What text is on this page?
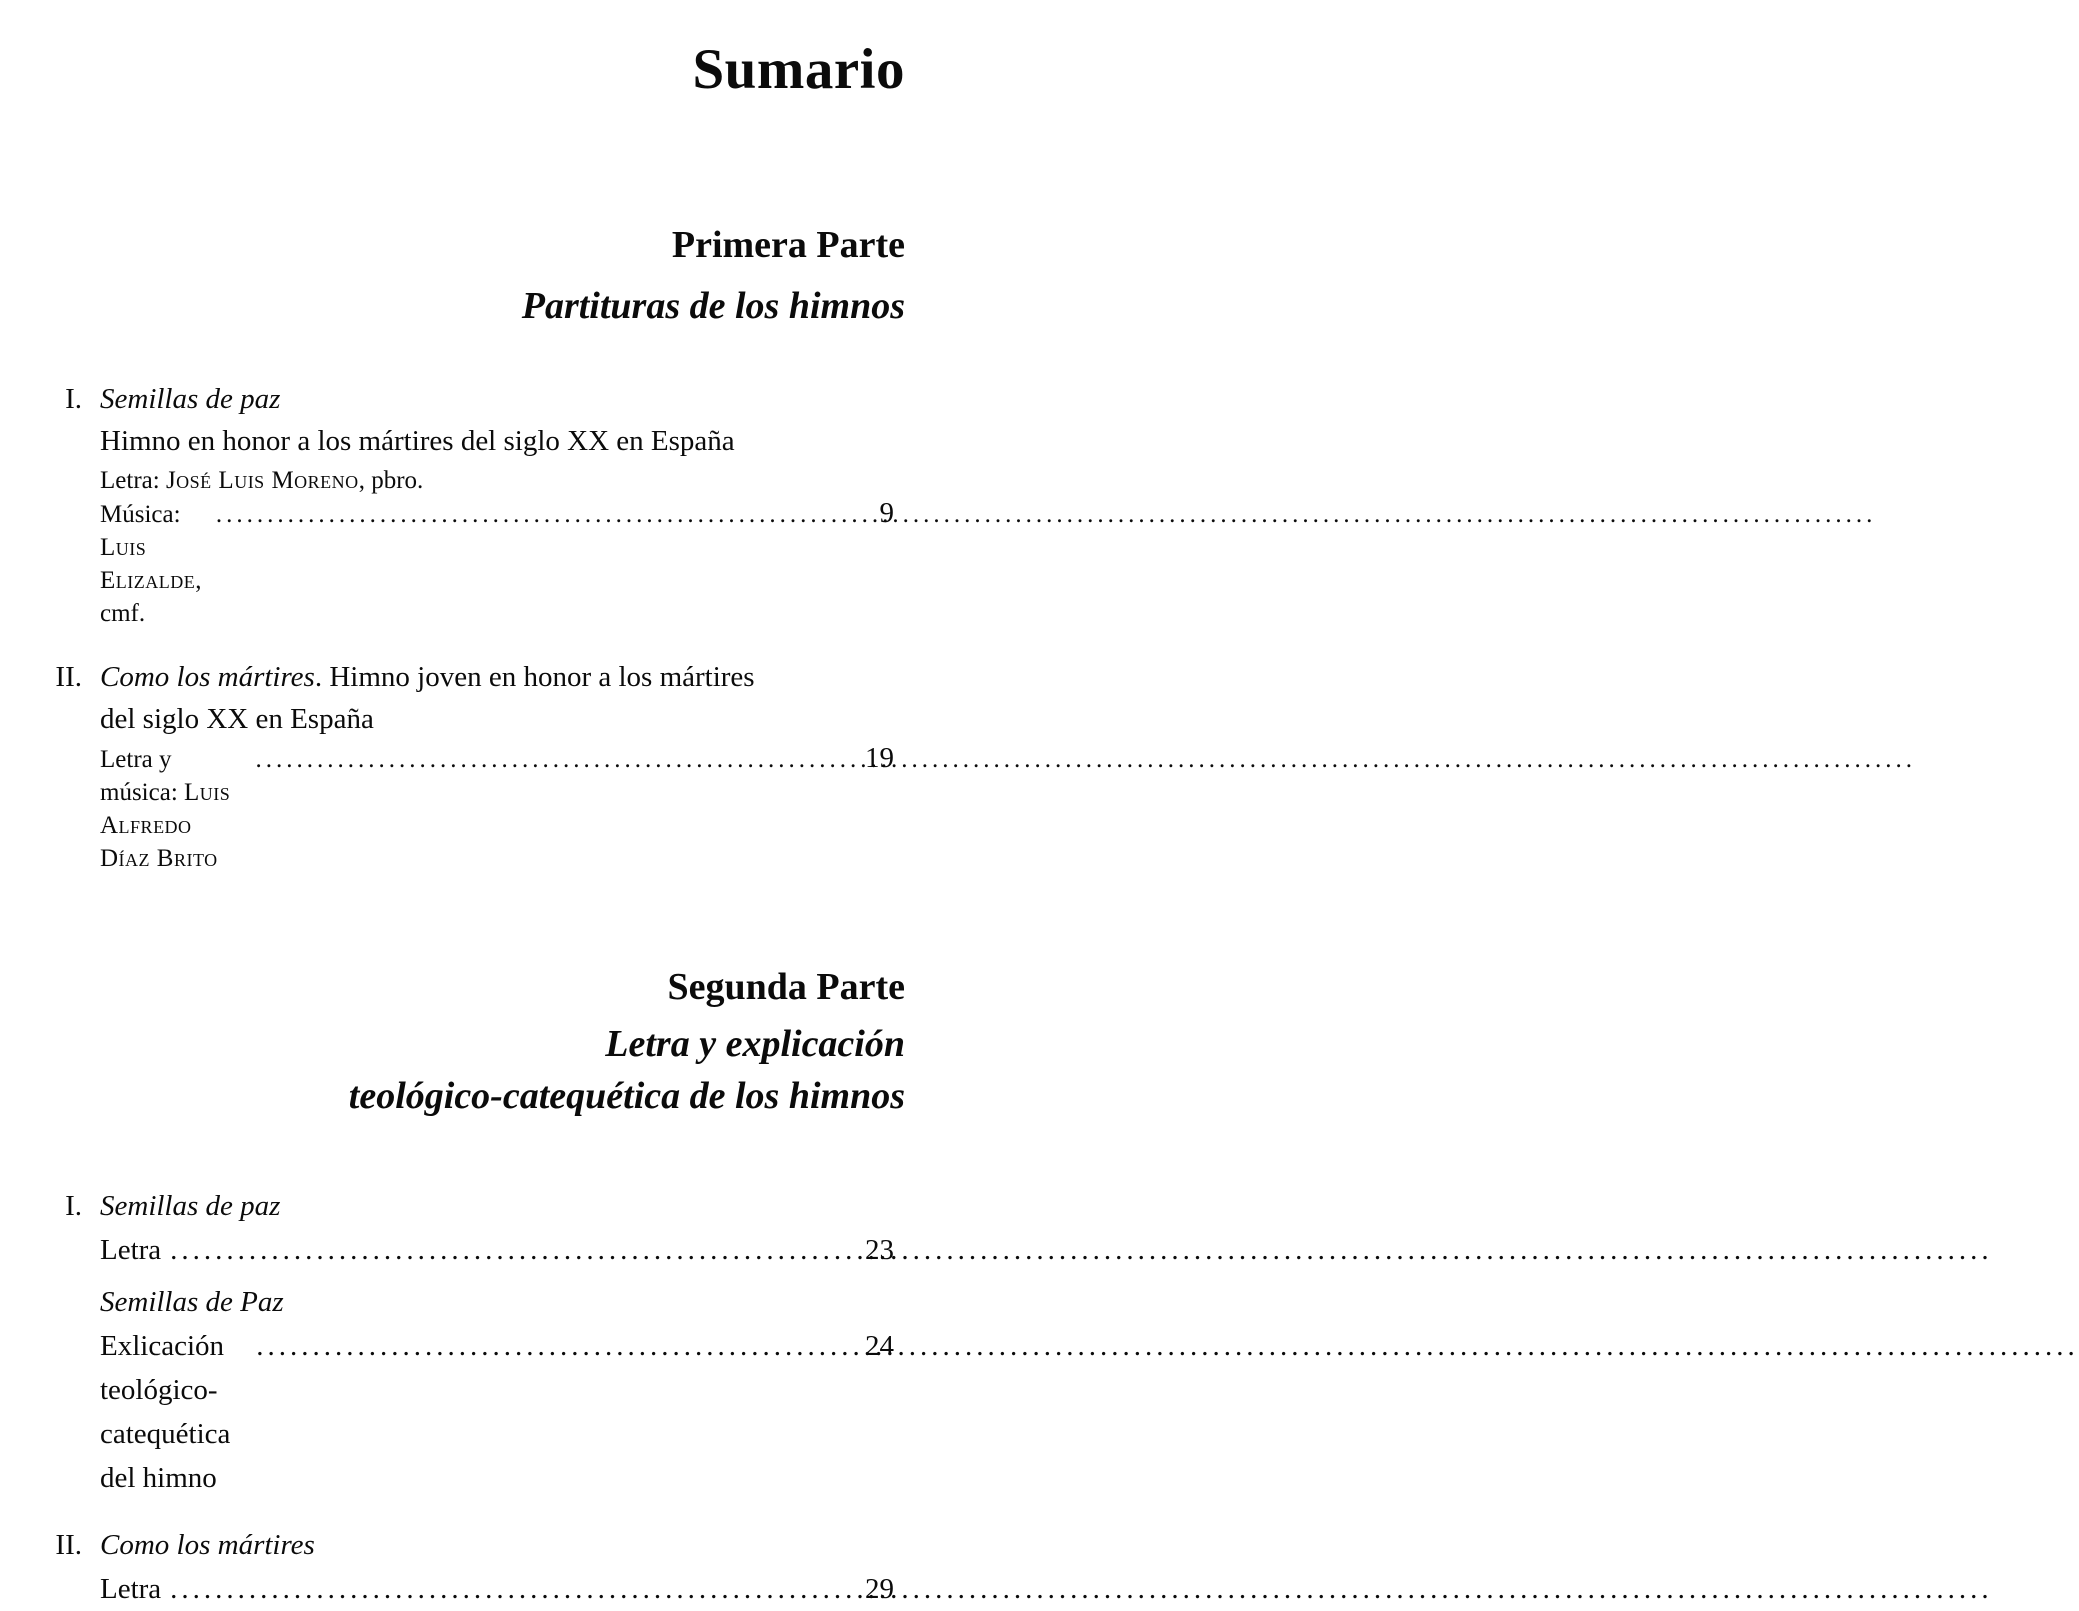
Sumario
Primera Parte
Partituras de los himnos
I. Semillas de paz
Himno en honor a los mártires del siglo XX en España
Letra: José Luis Moreno, pbro.
Música: Luis Elizalde, cmf.
.....
9
II. Como los mártires. Himno joven en honor a los mártires
del siglo XX en España
Letra y música: Luis Alfredo Díaz Brito
.....
19
Segunda Parte
Letra y explicación
teológico-catequética de los himnos
I. Semillas de paz
Letra .....	23
Semillas de Paz
Exlicación teológico-catequética del himno
.....
24
II. Como los mártires
Letra .....	29
